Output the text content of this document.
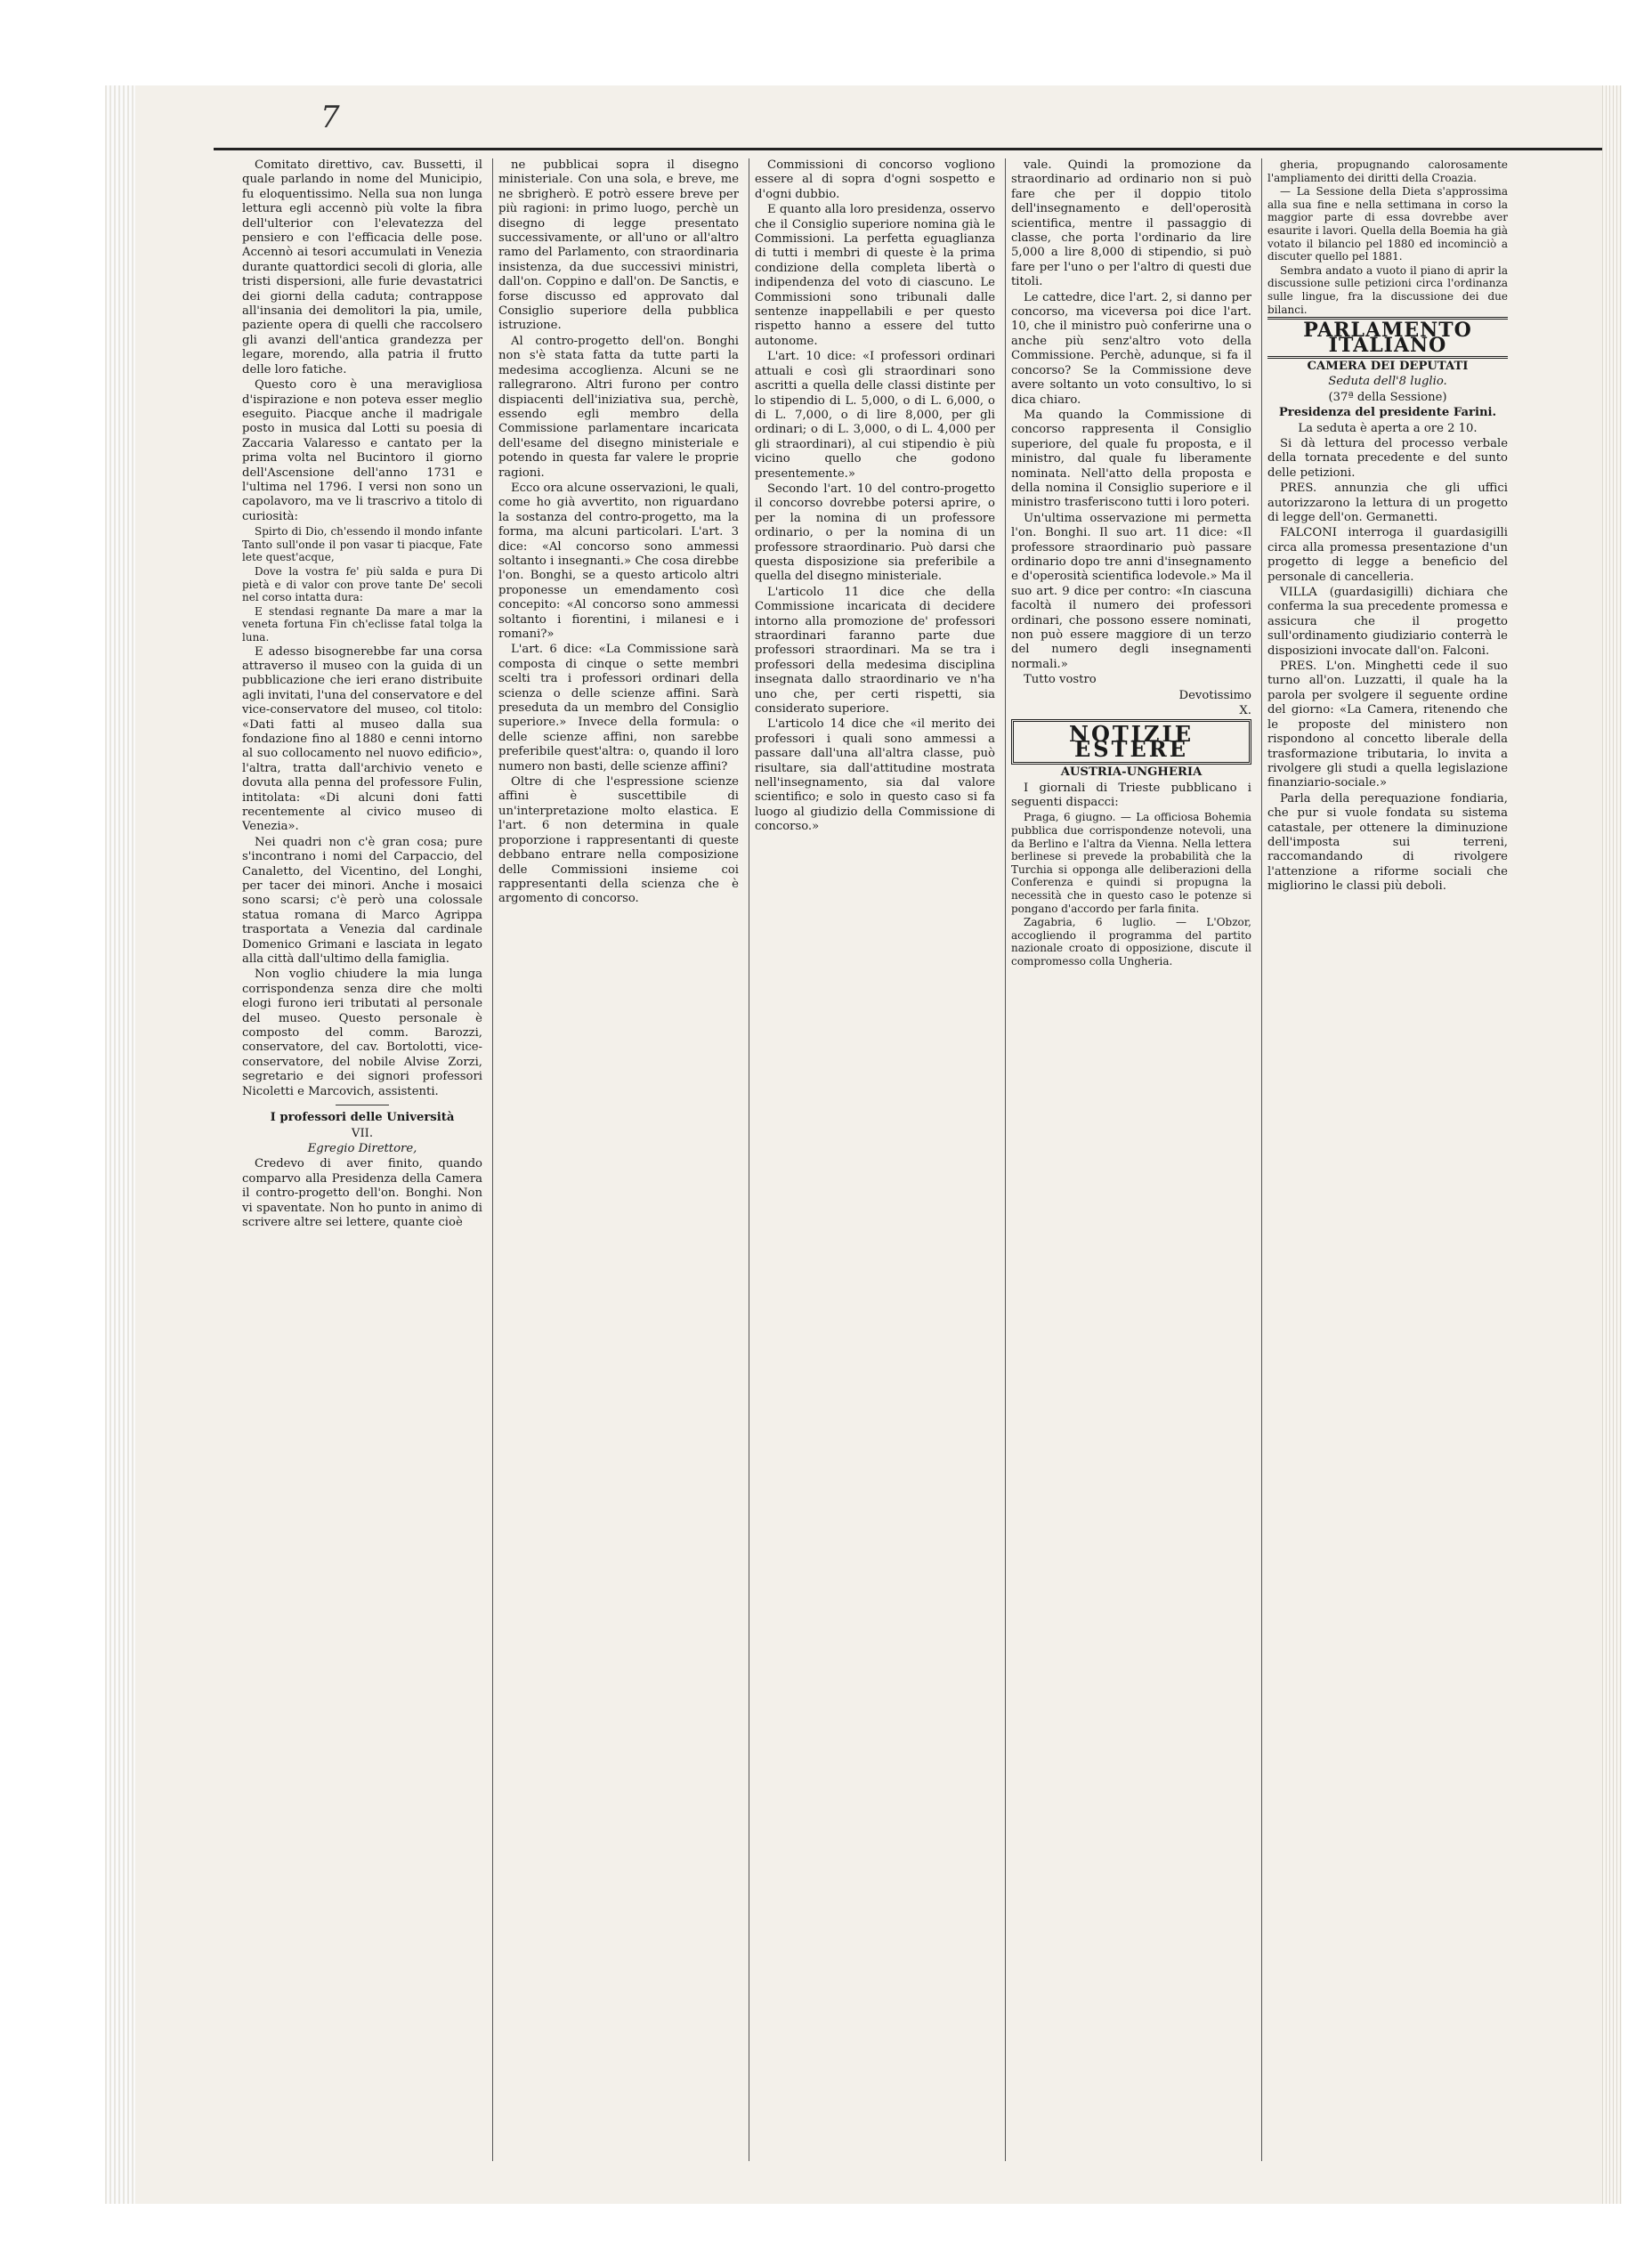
7

Comitato direttivo, cav. Bussetti, il quale parlando in nome del Municipio, fu eloquentissimo. Nella sua non lunga lettura egli accennò più volte la fibra dell'ulterior con l'elevatezza del pensiero e con l'efficacia delle pose. Accennò ai tesori accumulati in Venezia durante quattordici secoli di gloria, alle tristi dispersioni, alle furie devastatrici dei giorni della caduta; contrappose all'insania dei demolitori la pia, umile, paziente opera di quelli che raccolsero gli avanzi dell'antica grandezza per legare, morendo, alla patria il frutto delle loro fatiche.

Questo coro è una meravigliosa d'ispirazione e non poteva esser meglio eseguito. Piacque anche il madrigale posto in musica dal Lotti su poesia di Zaccaria Valaresso e cantato per la prima volta nel Bucintoro il giorno dell'Ascensione dell'anno 1731 e l'ultima nel 1796. I versi non sono un capolavoro, ma ve li trascrivo a titolo di curiosità:

Spirto di Dio, ch'essendo il mondo infante Tanto sull'onde il pon vasar ti piacque, Fate lete quest'acque,

Dove la vostra fe' più salda e pura Di pietà e di valor con prove tante De' secoli nel corso intatta dura:

E stendasi regnante Da mare a mar la veneta fortuna Fin ch'eclisse fatal tolga la luna.

E adesso bisognerebbe far una corsa attraverso il museo con la guida di un pubblicazione che ieri erano distribuite agli invitati, l'una del conservatore e del vice-conservatore del museo, col titolo: «Dati fatti al museo dalla sua fondazione fino al 1880 e cenni intorno al suo collocamento nel nuovo edificio», l'altra, tratta dall'archivio veneto e dovuta alla penna del professore Fulin, intitolata: «Di alcuni doni fatti recentemente al civico museo di Venezia».

Nei quadri non c'è gran cosa; pure s'incontrano i nomi del Carpaccio, del Canaletto, del Vicentino, del Longhi, per tacer dei minori. Anche i mosaici sono scarsi; c'è però una colossale statua romana di Marco Agrippa trasportata a Venezia dal cardinale Domenico Grimani e lasciata in legato alla città dall'ultimo della famiglia.

Non voglio chiudere la mia lunga corrispondenza senza dire che molti elogi furono ieri tributati al personale del museo. Questo personale è composto del comm. Barozzi, conservatore, del cav. Bortolotti, vice-conservatore, del nobile Alvise Zorzi, segretario e dei signori professori Nicoletti e Marcovich, assistenti.

I professori delle Università

VII.

Egregio Direttore,

Credevo di aver finito, quando comparvo alla Presidenza della Camera il contro-progetto dell'on. Bonghi. Non vi spaventate. Non ho punto in animo di scrivere altre sei lettere, quante cioè

ne pubblicai sopra il disegno ministeriale. Con una sola, e breve, me ne sbrigherò. E potrò essere breve per più ragioni: in primo luogo, perchè un disegno di legge presentato successivamente, or all'uno or all'altro ramo del Parlamento, con straordinaria insistenza, da due successivi ministri, dall'on. Coppino e dall'on. De Sanctis, e forse discusso ed approvato dal Consiglio superiore della pubblica istruzione.

Al contro-progetto dell'on. Bonghi non s'è stata fatta da tutte parti la medesima accoglienza. Alcuni se ne rallegrarono. Altri furono per contro dispiacenti dell'iniziativa sua, perchè, essendo egli membro della Commissione parlamentare incaricata dell'esame del disegno ministeriale e potendo in questa far valere le proprie ragioni.

Ecco ora alcune osservazioni, le quali, come ho già avvertito, non riguardano la sostanza del contro-progetto, ma la forma, ma alcuni particolari. L'art. 3 dice: «Al concorso sono ammessi soltanto i insegnanti.» Che cosa direbbe l'on. Bonghi, se a questo articolo altri proponesse un emendamento così concepito: «Al concorso sono ammessi soltanto i fiorentini, i milanesi e i romani?»

L'art. 6 dice: «La Commissione sarà composta di cinque o sette membri scelti tra i professori ordinari della scienza o delle scienze affini. Sarà preseduta da un membro del Consiglio superiore.» Invece della formula: o delle scienze affini, non sarebbe preferibile quest'altra: o, quando il loro numero non basti, delle scienze affini?

Oltre di che l'espressione scienze affini è suscettibile di un'interpretazione molto elastica. E l'art. 6 non determina in quale proporzione i rappresentanti di queste debbano entrare nella composizione delle Commissioni insieme coi rappresentanti della scienza che è argomento di concorso.

Commissioni di concorso vogliono essere al di sopra d'ogni sospetto e d'ogni dubbio.

E quanto alla loro presidenza, osservo che il Consiglio superiore nomina già le Commissioni. La perfetta eguaglianza di tutti i membri di queste è la prima condizione della completa libertà o indipendenza del voto di ciascuno. Le Commissioni sono tribunali dalle sentenze inappellabili e per questo rispetto hanno a essere del tutto autonome.

L'art. 10 dice: «I professori ordinari attuali e così gli straordinari sono ascritti a quella delle classi distinte per lo stipendio di L. 5,000, o di L. 6,000, o di L. 7,000, o di lire 8,000, per gli ordinari; o di L. 3,000, o di L. 4,000 per gli straordinari), al cui stipendio è più vicino quello che godono presentemente.»

Secondo l'art. 10 del contro-progetto il concorso dovrebbe potersi aprire, o per la nomina di un professore ordinario, o per la nomina di un professore straordinario. Può darsi che questa disposizione sia preferibile a quella del disegno ministeriale.

L'articolo 11 dice che della Commissione incaricata di decidere intorno alla promozione de' professori straordinari faranno parte due professori straordinari. Ma se tra i professori della medesima disciplina insegnata dallo straordinario ve n'ha uno che, per certi rispetti, sia considerato superiore.

L'articolo 14 dice che «il merito dei professori i quali sono ammessi a passare dall'una all'altra classe, può risultare, sia dall'attitudine mostrata nell'insegnamento, sia dal valore scientifico; e solo in questo caso si fa luogo al giudizio della Commissione di concorso.»

vale. Quindi la promozione da straordinario ad ordinario non si può fare che per il doppio titolo dell'insegnamento e dell'operosità scientifica, mentre il passaggio di classe, che porta l'ordinario da lire 5,000 a lire 8,000 di stipendio, si può fare per l'uno o per l'altro di questi due titoli.

Le cattedre, dice l'art. 2, si danno per concorso, ma viceversa poi dice l'art. 10, che il ministro può conferirne una o anche più senz'altro voto della Commissione. Perchè, adunque, si fa il concorso? Se la Commissione deve avere soltanto un voto consultivo, lo si dica chiaro.

Ma quando la Commissione di concorso rappresenta il Consiglio superiore, del quale fu proposta, e il ministro, dal quale fu liberamente nominata. Nell'atto della proposta e della nomina il Consiglio superiore e il ministro trasferiscono tutti i loro poteri.

Un'ultima osservazione mi permetta l'on. Bonghi. Il suo art. 11 dice: «Il professore straordinario può passare ordinario dopo tre anni d'insegnamento e d'operosità scientifica lodevole.» Ma il suo art. 9 dice per contro: «In ciascuna facoltà il numero dei professori ordinari, che possono essere nominati, non può essere maggiore di un terzo del numero degli insegnamenti normali.»

Tutto vostro

Devotissimo

X.

NOTIZIE ESTERE

AUSTRIA-UNGHERIA

I giornali di Trieste pubblicano i seguenti dispacci:

Praga, 6 giugno. — La officiosa Bohemia pubblica due corrispondenze notevoli, una da Berlino e l'altra da Vienna. Nella lettera berlinese si prevede la probabilità che la Turchia si opponga alle deliberazioni della Conferenza e quindi si propugna la necessità che in questo caso le potenze si pongano d'accordo per farla finita.

Zagabria, 6 luglio. — L'Obzor, accogliendo il programma del partito nazionale croato di opposizione, discute il compromesso colla Ungheria.

gheria, propugnando calorosamente l'ampliamento dei diritti della Croazia.

— La Sessione della Dieta s'approssima alla sua fine e nella settimana in corso la maggior parte di essa dovrebbe aver esaurite i lavori. Quella della Boemia ha già votato il bilancio pel 1880 ed incominciò a discuter quello pel 1881.

Sembra andato a vuoto il piano di aprir la discussione sulle petizioni circa l'ordinanza sulle lingue, fra la discussione dei due bilanci.

PARLAMENTO ITALIANO

CAMERA DEI DEPUTATI

Seduta dell'8 luglio.

(37ª della Sessione)

Presidenza del presidente Farini.

La seduta è aperta a ore 2 10.

Si dà lettura del processo verbale della tornata precedente e del sunto delle petizioni.

PRES. annunzia che gli uffici autorizzarono la lettura di un progetto di legge dell'on. Germanetti.

FALCONI interroga il guardasigilli circa alla promessa presentazione d'un progetto di legge a beneficio del personale di cancelleria.

VILLA (guardasigilli) dichiara che conferma la sua precedente promessa e assicura che il progetto sull'ordinamento giudiziario conterrà le disposizioni invocate dall'on. Falconi.

PRES. L'on. Minghetti cede il suo turno all'on. Luzzatti, il quale ha la parola per svolgere il seguente ordine del giorno: «La Camera, ritenendo che le proposte del ministero non rispondono al concetto liberale della trasformazione tributaria, lo invita a rivolgere gli studi a quella legislazione finanziario-sociale.»

Parla della perequazione fondiaria, che pur si vuole fondata su sistema catastale, per ottenere la diminuzione dell'imposta sui terreni, raccomandando di rivolgere l'attenzione a riforme sociali che migliorino le classi più deboli.
